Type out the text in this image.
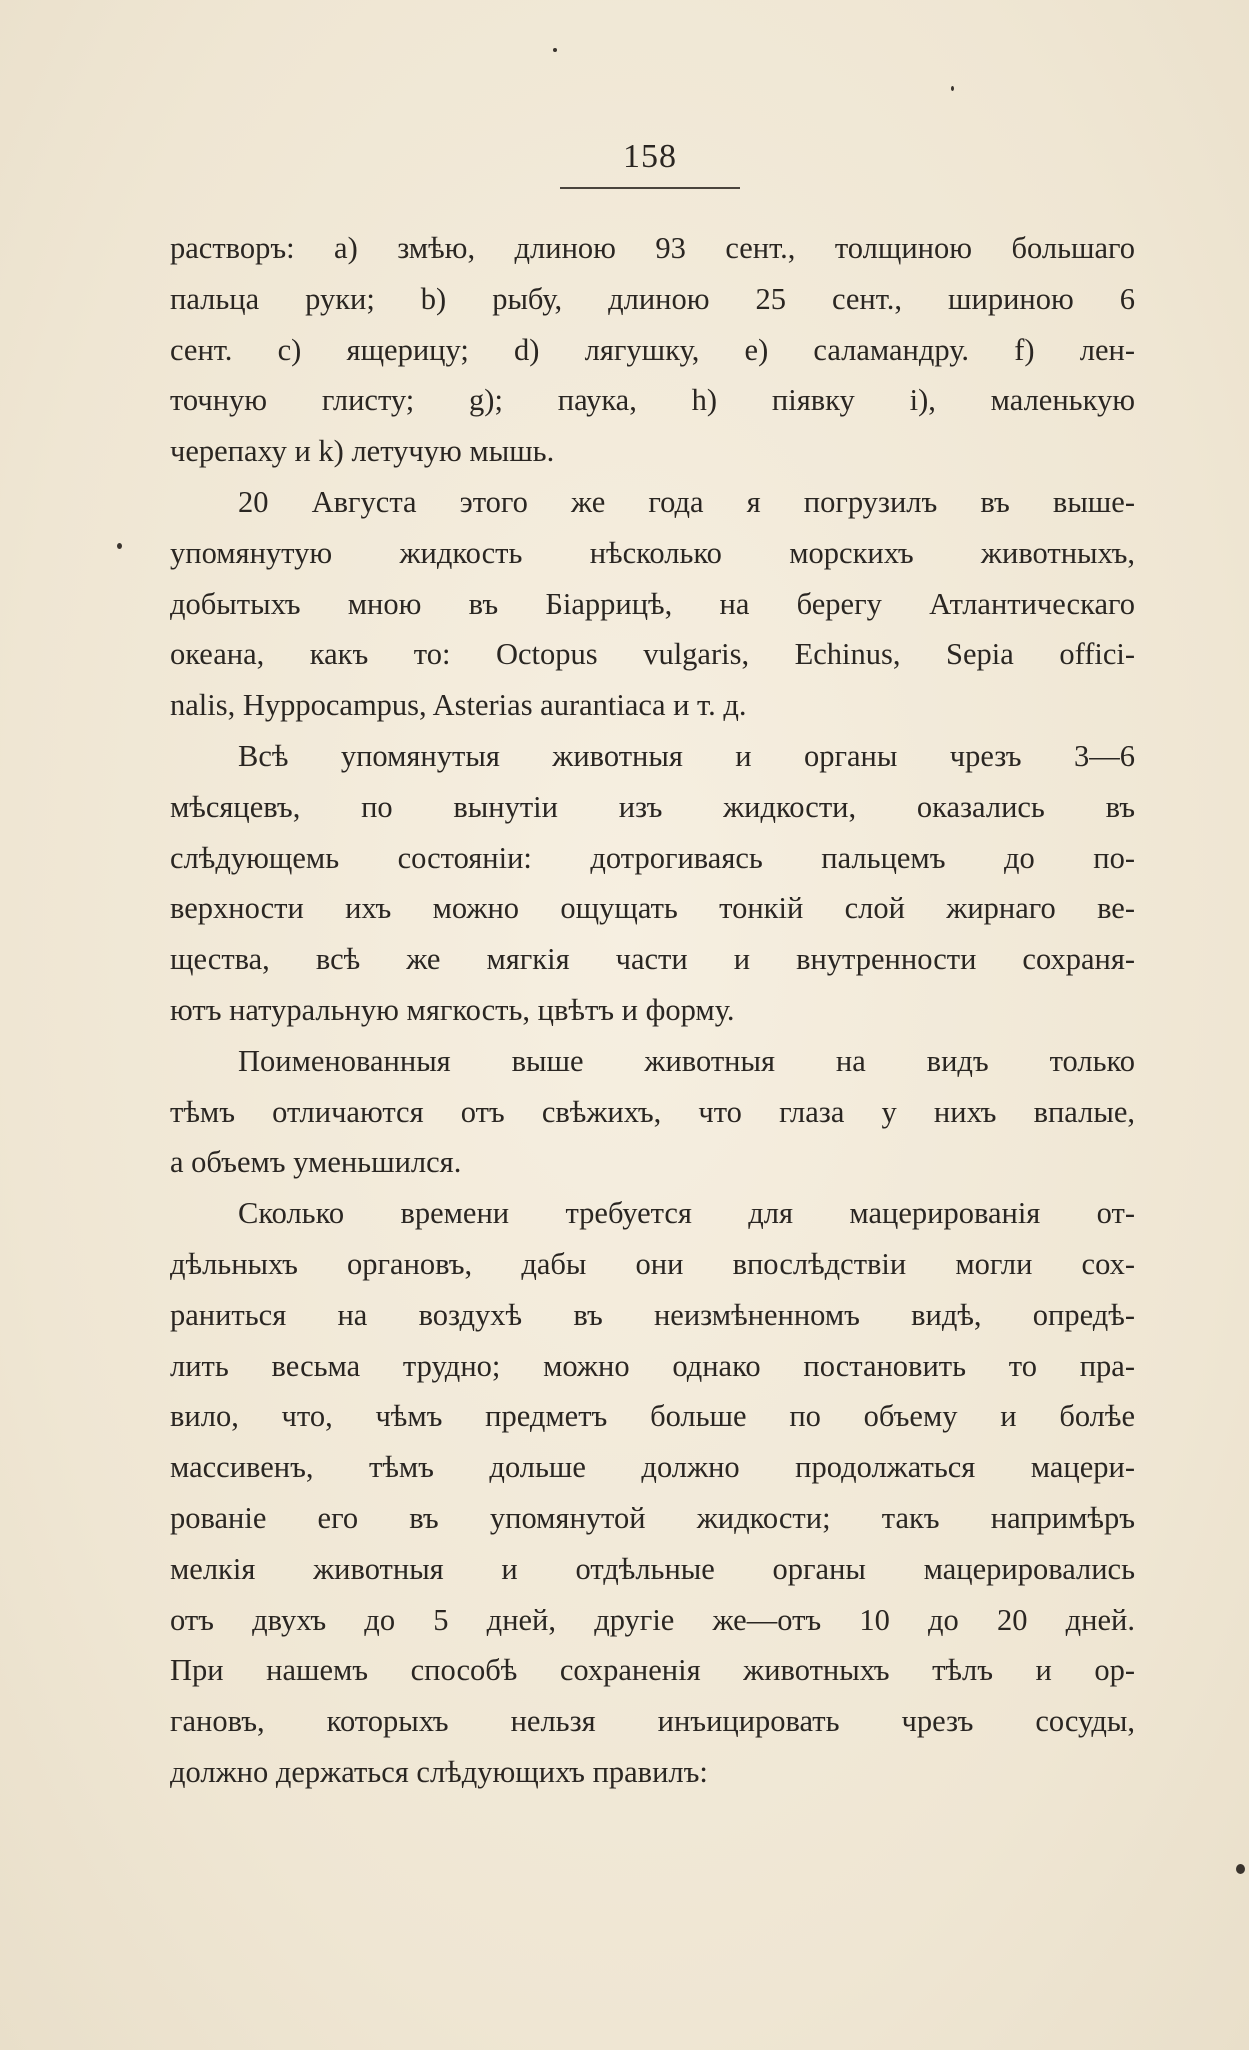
158
растворъ: a) змѣю, длиною 93 сент., толщиною большаго
пальца руки; b) рыбу, длиною 25 сент., шириною 6
сент. c) ящерицу; d) лягушку, e) саламандру. f) лен-
точную глисту; g); паука, h) піявку i), маленькую
черепаху и k) летучую мышь.
20 Августа этого же года я погрузилъ въ выше-
упомянутую жидкость нѣсколько морскихъ животныхъ,
добытыхъ мною въ Біаррицѣ, на берегу Атлантическаго
океана, какъ то: Octopus vulgaris, Echinus, Sepia offici-
nalis, Hyppocampus, Asterias aurantiaca и т. д.
Всѣ упомянутыя животныя и органы чрезъ 3—6
мѣсяцевъ, по вынутіи изъ жидкости, оказались въ
слѣдующемь состояніи: дотрогиваясь пальцемъ до по-
верхности ихъ можно ощущать тонкій слой жирнаго ве-
щества, всѣ же мягкія части и внутренности сохраня-
ютъ натуральную мягкость, цвѣтъ и форму.
Поименованныя выше животныя на видъ только
тѣмъ отличаются отъ свѣжихъ, что глаза у нихъ впалые,
а объемъ уменьшился.
Сколько времени требуется для мацерированія от-
дѣльныхъ органовъ, дабы они впослѣдствіи могли сох-
раниться на воздухѣ въ неизмѣненномъ видѣ, опредѣ-
лить весьма трудно; можно однако постановить то пра-
вило, что, чѣмъ предметъ больше по объему и болѣе
массивенъ, тѣмъ дольше должно продолжаться мацери-
рованіе его въ упомянутой жидкости; такъ напримѣръ
мелкія животныя и отдѣльные органы мацерировались
отъ двухъ до 5 дней, другіе же—отъ 10 до 20 дней.
При нашемъ способѣ сохраненія животныхъ тѣлъ и ор-
гановъ, которыхъ нельзя инъицировать чрезъ сосуды,
должно держаться слѣдующихъ правилъ:
